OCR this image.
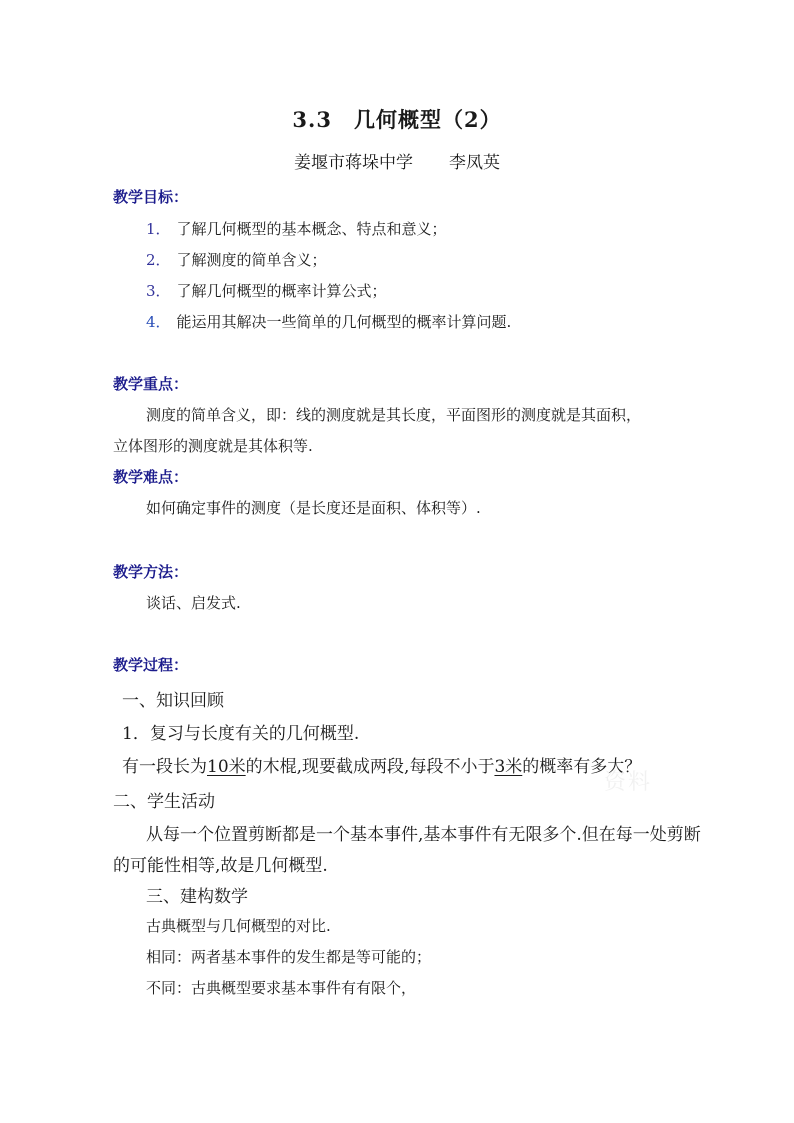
3.3　几何概型（2）
姜堰市蒋垛中学 李凤英
教学目标：
1． 了解几何概型的基本概念、特点和意义；
2． 了解测度的简单含义；
3． 了解几何概型的概率计算公式；
4． 能运用其解决一些简单的几何概型的概率计算问题.
教学重点：
测度的简单含义，即：线的测度就是其长度，平面图形的测度就是其面积，
立体图形的测度就是其体积等.
教学难点：
如何确定事件的测度（是长度还是面积、体积等）.
教学方法：
谈话、启发式.
教学过程：
一、知识回顾
1．复习与长度有关的几何概型.
有一段长为10米的木棍,现要截成两段,每段不小于3米的概率有多大？
资料
二、学生活动
从每一个位置剪断都是一个基本事件,基本事件有无限多个.但在每一处剪断
的可能性相等,故是几何概型.
三、建构数学
古典概型与几何概型的对比.
相同：两者基本事件的发生都是等可能的；
不同：古典概型要求基本事件有有限个，
